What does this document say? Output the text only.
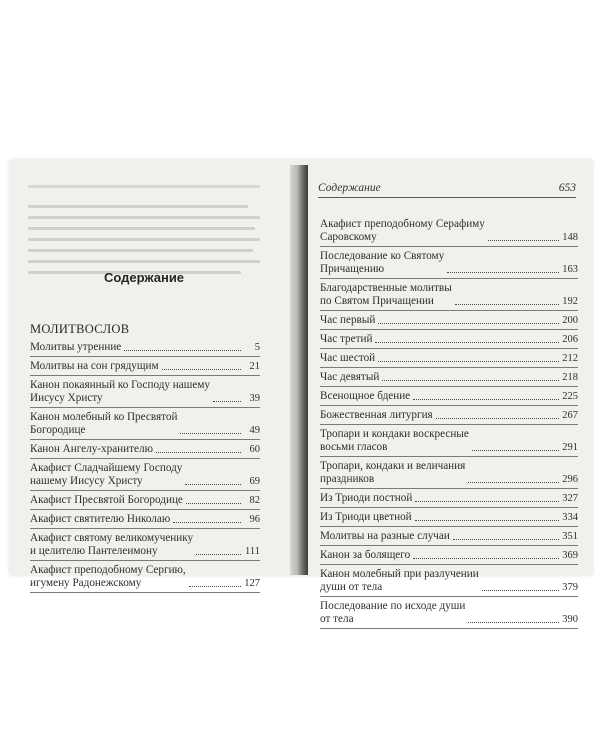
Содержание
МОЛИТВОСЛОВ
Молитвы утренние	5
Молитвы на сон грядущим	21
Канон покаянный ко Господу нашему
Иисусу Христу	39
Канон молебный ко Пресвятой
Богородице	49
Канон Ангелу-хранителю	60
Акафист Сладчайшему Господу
нашему Иисусу Христу	69
Акафист Пресвятой Богородице	82
Акафист святителю Николаю	96
Акафист святому великомученику
и целителю Пантелеимону	111
Акафист преподобному Сергию,
игумену Радонежскому	127
Содержание	653
Акафист преподобному Серафиму
Саровскому	148
Последование ко Святому
Причащению	163
Благодарственные молитвы
по Святом Причащении	192
Час первый	200
Час третий	206
Час шестой	212
Час девятый	218
Всенощное бдение	225
Божественная литургия	267
Тропари и кондаки воскресные
восьми гласов	291
Тропари, кондаки и величания
праздников	296
Из Триоди постной	327
Из Триоди цветной	334
Молитвы на разные случаи	351
Канон за болящего	369
Канон молебный при разлучении
души от тела	379
Последование по исходе души
от тела	390
